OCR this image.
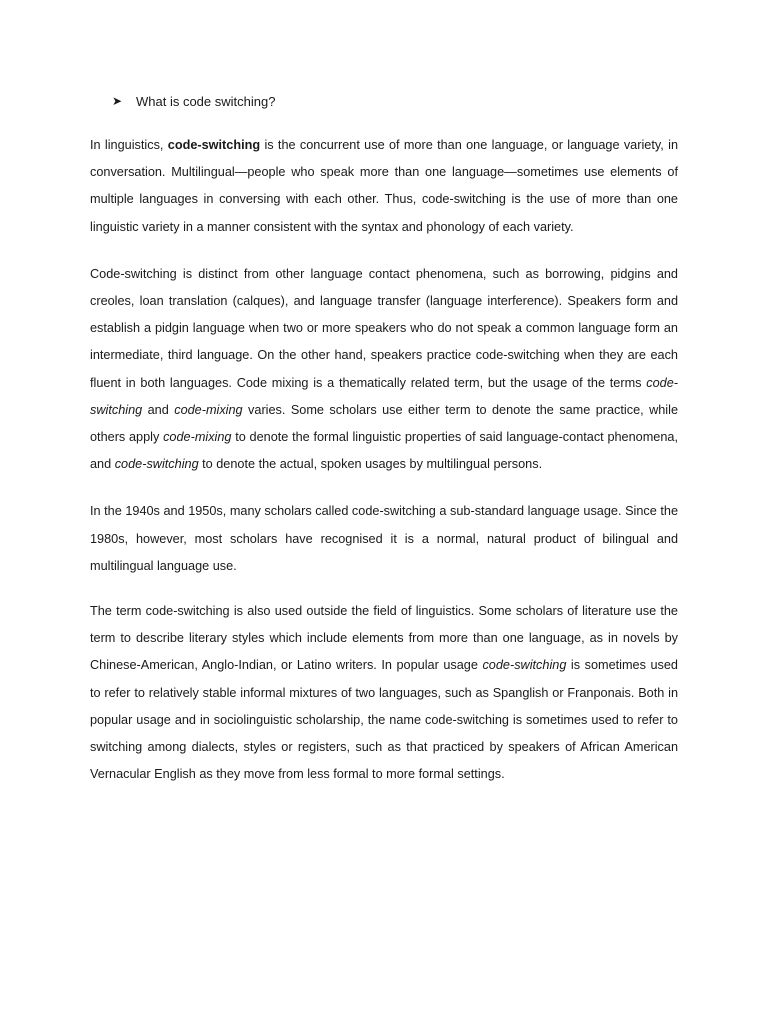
➤	What is code switching?

In linguistics, code-switching is the concurrent use of more than one language, or language variety, in conversation. Multilingual—people who speak more than one language—sometimes use elements of multiple languages in conversing with each other. Thus, code-switching is the use of more than one linguistic variety in a manner consistent with the syntax and phonology of each variety.

Code-switching is distinct from other language contact phenomena, such as borrowing, pidgins and creoles, loan translation (calques), and language transfer (language interference). Speakers form and establish a pidgin language when two or more speakers who do not speak a common language form an intermediate, third language. On the other hand, speakers practice code-switching when they are each fluent in both languages. Code mixing is a thematically related term, but the usage of the terms code-switching and code-mixing varies. Some scholars use either term to denote the same practice, while others apply code-mixing to denote the formal linguistic properties of said language-contact phenomena, and code-switching to denote the actual, spoken usages by multilingual persons.

In the 1940s and 1950s, many scholars called code-switching a sub-standard language usage. Since the 1980s, however, most scholars have recognised it is a normal, natural product of bilingual and multilingual language use.

The term code-switching is also used outside the field of linguistics. Some scholars of literature use the term to describe literary styles which include elements from more than one language, as in novels by Chinese-American, Anglo-Indian, or Latino writers. In popular usage code-switching is sometimes used to refer to relatively stable informal mixtures of two languages, such as Spanglish or Franponais. Both in popular usage and in sociolinguistic scholarship, the name code-switching is sometimes used to refer to switching among dialects, styles or registers, such as that practiced by speakers of African American Vernacular English as they move from less formal to more formal settings.
